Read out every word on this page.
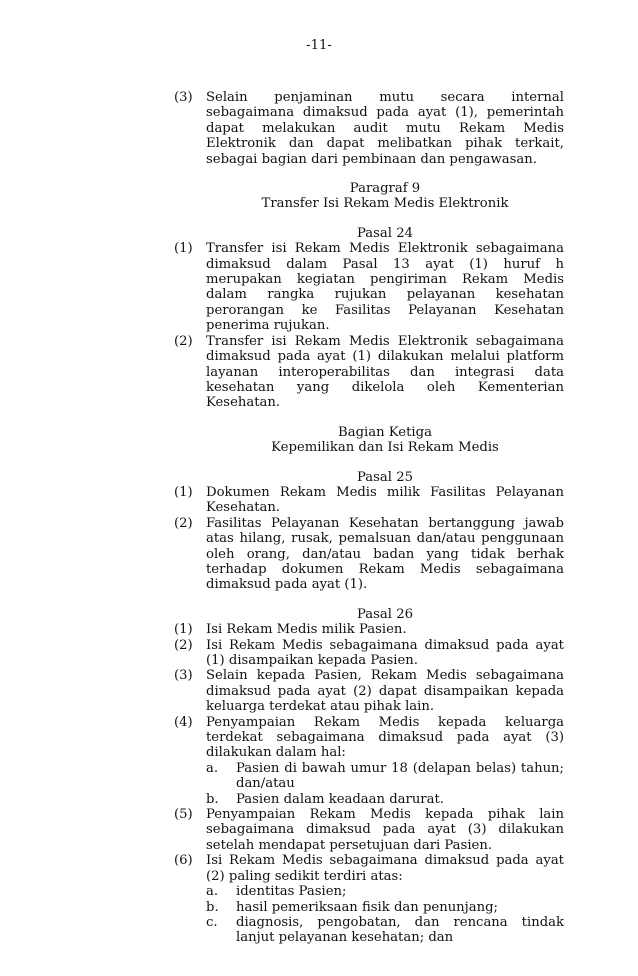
-11-
(3) Selain penjaminan mutu secara internal sebagaimana dimaksud pada ayat (1), pemerintah dapat melakukan audit mutu Rekam Medis Elektronik dan dapat melibatkan pihak terkait, sebagai bagian dari pembinaan dan pengawasan.
Paragraf 9
Transfer Isi Rekam Medis Elektronik
Pasal 24
(1) Transfer isi Rekam Medis Elektronik sebagaimana dimaksud dalam Pasal 13 ayat (1) huruf h merupakan kegiatan pengiriman Rekam Medis dalam rangka rujukan pelayanan kesehatan perorangan ke Fasilitas Pelayanan Kesehatan penerima rujukan.
(2) Transfer isi Rekam Medis Elektronik sebagaimana dimaksud pada ayat (1) dilakukan melalui platform layanan interoperabilitas dan integrasi data kesehatan yang dikelola oleh Kementerian Kesehatan.
Bagian Ketiga
Kepemilikan dan Isi Rekam Medis
Pasal 25
(1) Dokumen Rekam Medis milik Fasilitas Pelayanan Kesehatan.
(2) Fasilitas Pelayanan Kesehatan bertanggung jawab atas hilang, rusak, pemalsuan dan/atau penggunaan oleh orang, dan/atau badan yang tidak berhak terhadap dokumen Rekam Medis sebagaimana dimaksud pada ayat (1).
Pasal 26
(1) Isi Rekam Medis milik Pasien.
(2) Isi Rekam Medis sebagaimana dimaksud pada ayat (1) disampaikan kepada Pasien.
(3) Selain kepada Pasien, Rekam Medis sebagaimana dimaksud pada ayat (2) dapat disampaikan kepada keluarga terdekat atau pihak lain.
(4) Penyampaian Rekam Medis kepada keluarga terdekat sebagaimana dimaksud pada ayat (3) dilakukan dalam hal:
a. Pasien di bawah umur 18 (delapan belas) tahun; dan/atau
b. Pasien dalam keadaan darurat.
(5) Penyampaian Rekam Medis kepada pihak lain sebagaimana dimaksud pada ayat (3) dilakukan setelah mendapat persetujuan dari Pasien.
(6) Isi Rekam Medis sebagaimana dimaksud pada ayat (2) paling sedikit terdiri atas:
a. identitas Pasien;
b. hasil pemeriksaan fisik dan penunjang;
c. diagnosis, pengobatan, dan rencana tindak lanjut pelayanan kesehatan; dan
